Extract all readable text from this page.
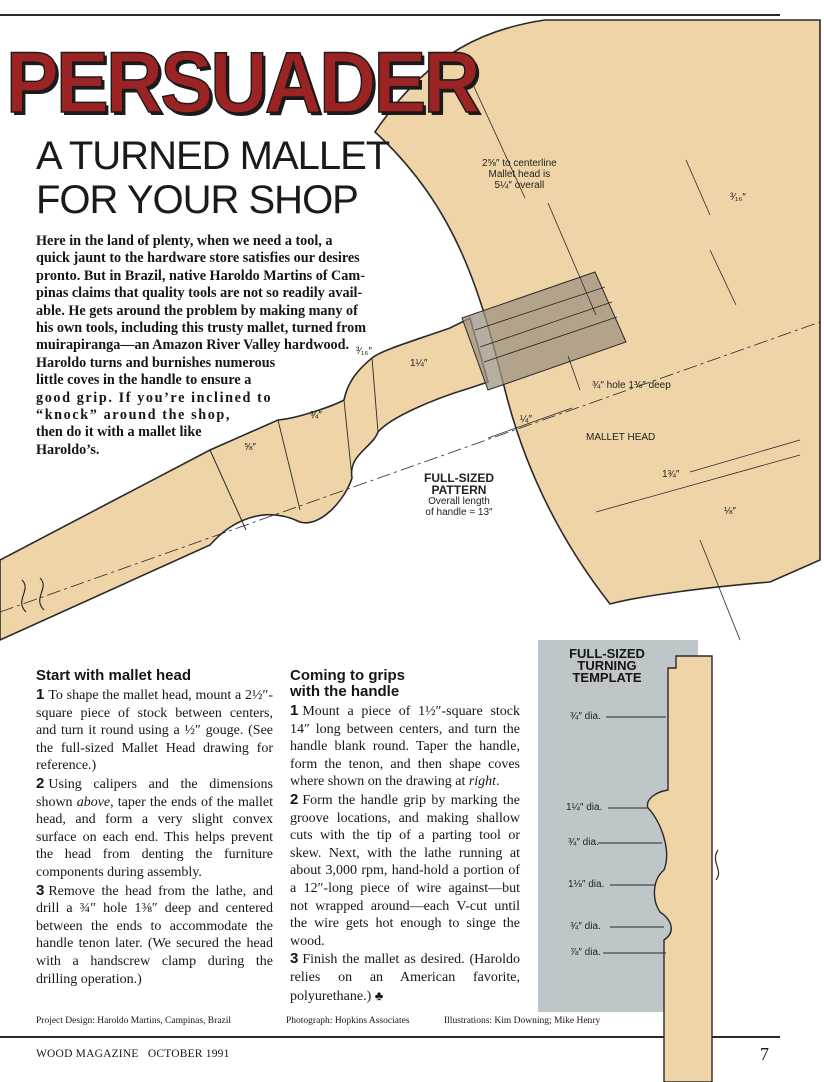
PERSUADER
A TURNED MALLET
FOR YOUR SHOP
Here in the land of plenty, when we need a tool, a
quick jaunt to the hardware store satisfies our desires
pronto. But in Brazil, native Haroldo Martins of Cam-
pinas claims that quality tools are not so readily avail-
able. He gets around the problem by making many of
his own tools, including this trusty mallet, turned from
muirapiranga—an Amazon River Valley hardwood.
Haroldo turns and burnishes numerous
little coves in the handle to ensure a
good grip. If you’re inclined to
“knock” around the shop,
then do it with a mallet like
Haroldo’s.
2⅝″ to centerline
Mallet head is
5¼″ overall
³⁄₁₆″
³⁄₁₆″
1¼″
¾″
⅝″
¼″
¾″ hole 1⅜″ deep
MALLET HEAD
1¾″
⅛″
FULL-SIZED
PATTERN
Overall length
of handle = 13″
FULL-SIZED
TURNING
TEMPLATE
¾″ dia.
1¼″ dia.
¾″ dia.
1⅛″ dia.
¾″ dia.
⅞″ dia.
Start with mallet head

1 To shape the mallet head, mount a 2½″-square piece of stock between centers, and turn it round using a ½″ gouge. (See the full-sized Mallet Head drawing for reference.)

2 Using calipers and the dimensions shown above, taper the ends of the mallet head, and form a very slight convex surface on each end. This helps prevent the head from denting the furniture components during assembly.

3 Remove the head from the lathe, and drill a ¾″ hole 1⅜″ deep and centered between the ends to accommodate the handle tenon later. (We secured the head with a handscrew clamp during the drilling operation.)

Coming to grips
with the handle

1 Mount a piece of 1½″-square stock 14″ long between centers, and turn the handle blank round. Taper the handle, form the tenon, and then shape coves where shown on the drawing at right.

2 Form the handle grip by marking the groove locations, and making shallow cuts with the tip of a parting tool or skew. Next, with the lathe running at about 3,000 rpm, hand-hold a portion of a 12″-long piece of wire against—but not wrapped around—each V-cut until the wire gets hot enough to singe the wood.

3 Finish the mallet as desired. (Haroldo relies on an American favorite, polyurethane.) ♣

Project Design: Haroldo Martins, Campinas, Brazil	Photograph: Hopkins Associates	Illustrations: Kim Downing; Mike Henry
WOOD MAGAZINE OCTOBER 1991	7
